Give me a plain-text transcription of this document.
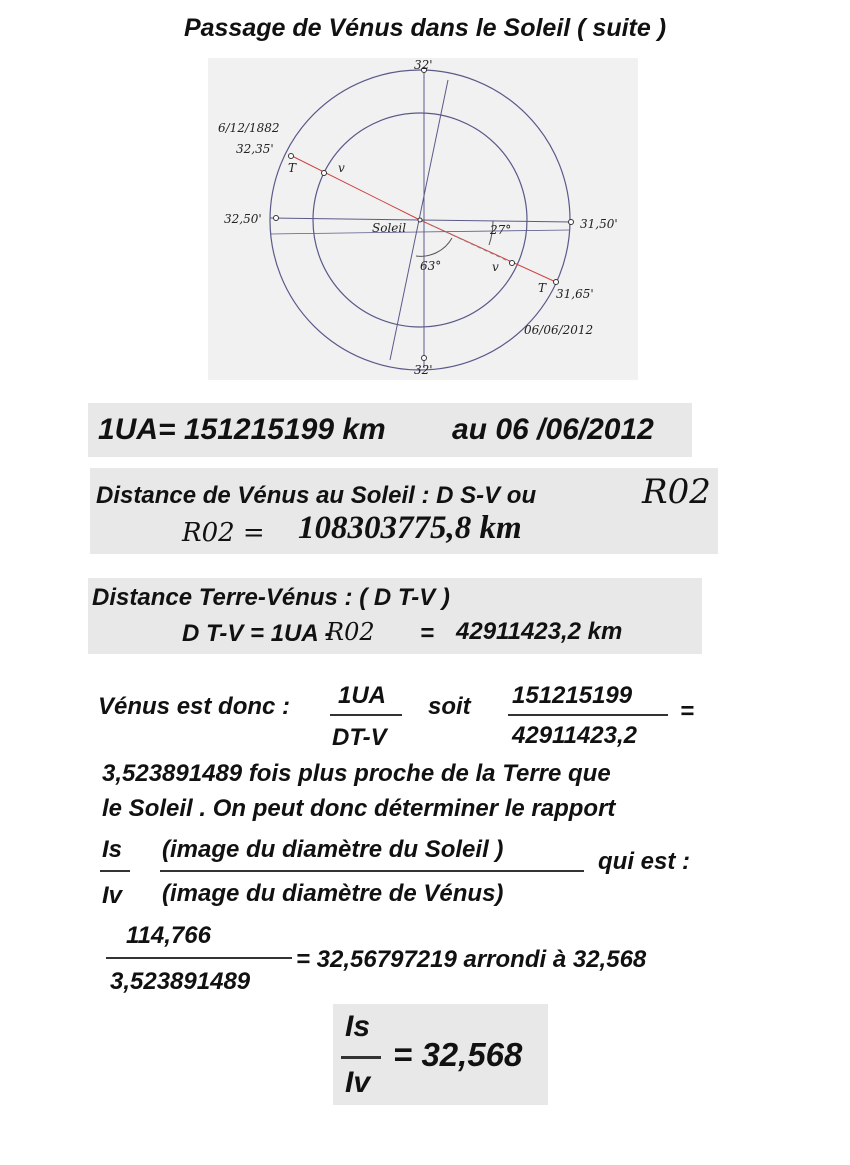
Passage de Vénus dans le Soleil ( suite )
32'
32'
32,50'	31,50'
6/12/1882
32,35'
31,65'
06/06/2012
Soleil
T	v
v
T
27°
63°
1UA= 151215199 km au 06 /06/2012
Distance de Vénus au Soleil : D S-V ou	R02
R02 = 108303775,8 km
Distance Terre-Vénus : ( D T-V )
D T-V = 1UA -
R02 = 42911423,2 km
Vénus est donc : 1UA
DT-V
soit 151215199
42911423,2
=
3,523891489 fois plus proche de la Terre que
le Soleil . On peut donc déterminer le rapport
Is
Iv
(image du diamètre du Soleil )
(image du diamètre de Vénus)
qui est :
114,766
3,523891489
= 32,56797219 arrondi à 32,568
Is
Iv
= 32,568
